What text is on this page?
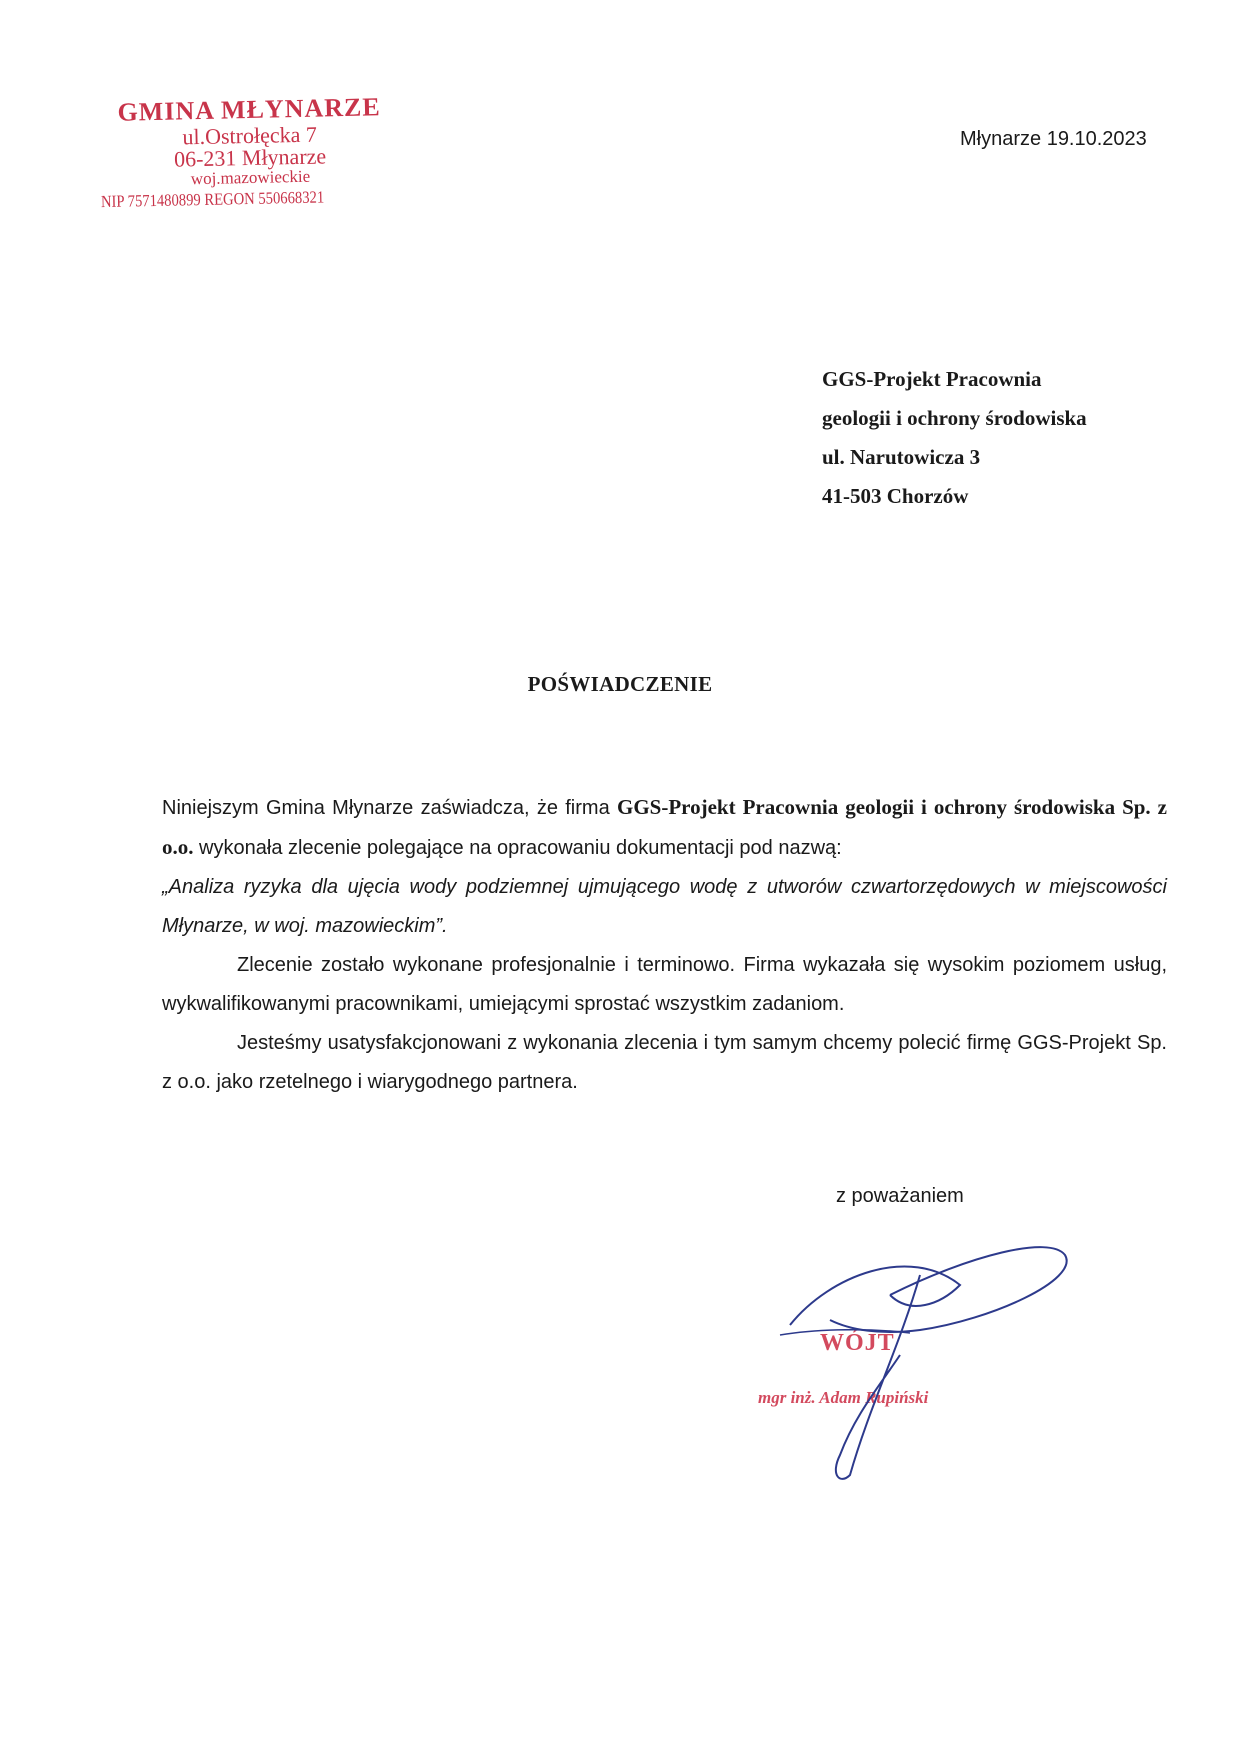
GMINA MŁYNARZE
ul.Ostrołęcka 7
06-231 Młynarze
woj.mazowieckie
NIP 7571480899 REGON 550668321
Młynarze 19.10.2023
GGS-Projekt Pracownia
geologii i ochrony środowiska
ul. Narutowicza 3
41-503 Chorzów
POŚWIADCZENIE

Niniejszym Gmina Młynarze zaświadcza, że firma GGS-Projekt Pracownia geologii i ochrony środowiska Sp. z o.o. wykonała zlecenie polegające na opracowaniu dokumentacji pod nazwą:

„Analiza ryzyka dla ujęcia wody podziemnej ujmującego wodę z utworów czwartorzędowych w miejscowości Młynarze, w woj. mazowieckim”.

Zlecenie zostało wykonane profesjonalnie i terminowo. Firma wykazała się wysokim poziomem usług, wykwalifikowanymi pracownikami, umiejącymi sprostać wszystkim zadaniom.

Jesteśmy usatysfakcjonowani z wykonania zlecenia i tym samym chcemy polecić firmę GGS-Projekt Sp. z o.o. jako rzetelnego i wiarygodnego partnera.

z poważaniem
WÓJT
mgr inż. Adam Rupiński
